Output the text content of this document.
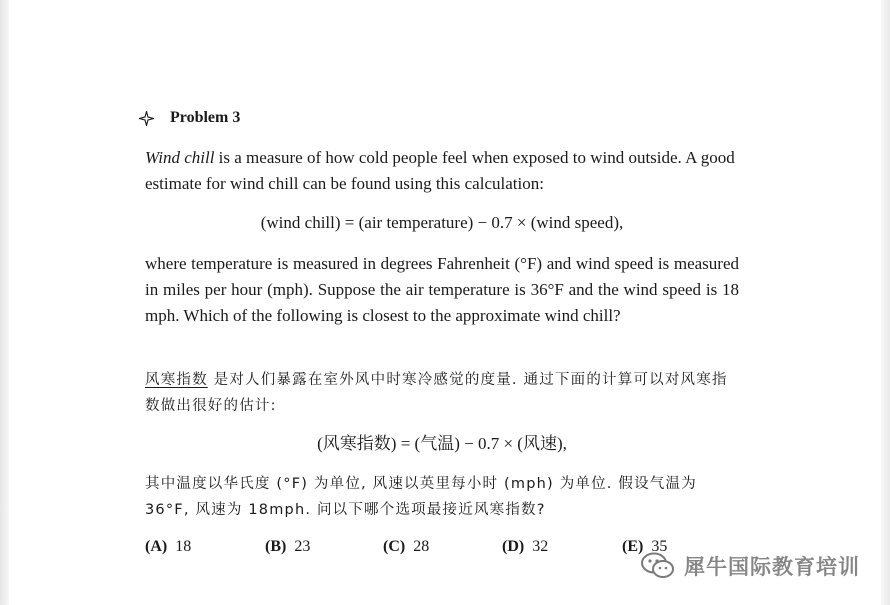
Problem 3

Wind chill is a measure of how cold people feel when exposed to wind outside. A good estimate for wind chill can be found using this calculation:

(wind chill) = (air temperature) − 0.7 × (wind speed),

where temperature is measured in degrees Fahrenheit (°F) and wind speed is measured in miles per hour (mph). Suppose the air temperature is 36°F and the wind speed is 18 mph. Which of the following is closest to the approximate wind chill?

风寒指数 是对人们暴露在室外风中时寒冷感觉的度量. 通过下面的计算可以对风寒指数做出很好的估计:

(风寒指数) = (气温) − 0.7 × (风速),

其中温度以华氏度 (°F) 为单位, 风速以英里每小时 (mph) 为单位. 假设气温为 36°F, 风速为 18mph. 问以下哪个选项最接近风寒指数?

(A) 18	(B) 23	(C) 28	(D) 32	(E) 35
犀牛国际教育培训
